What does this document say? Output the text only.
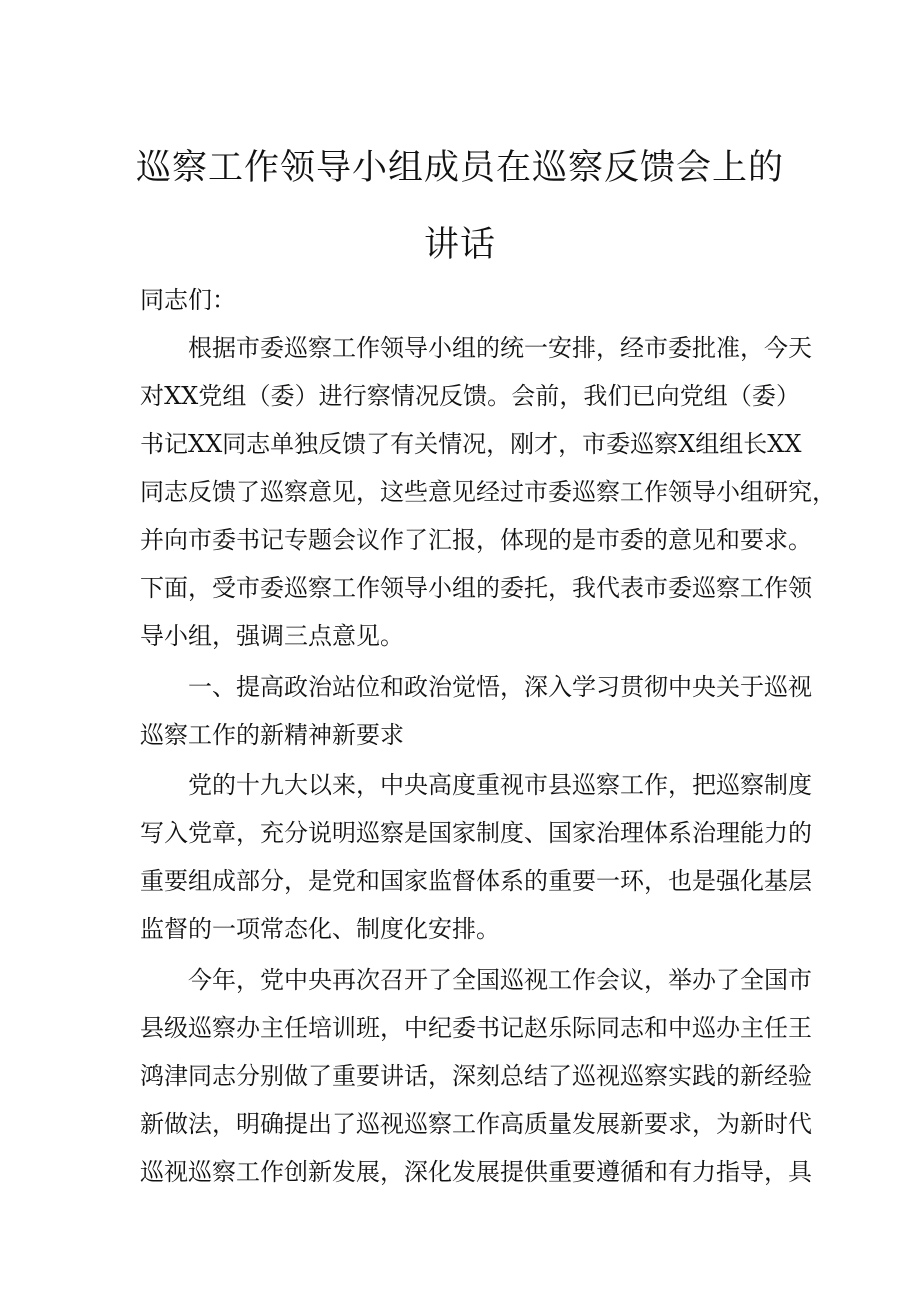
巡察工作领导小组成员在巡察反馈会上的
讲话
同志们：
根据市委巡察工作领导小组的统一安排，经市委批准，今天
对XX党组（委）进行察情况反馈。会前，我们已向党组（委）
书记XX同志单独反馈了有关情况，刚才，市委巡察X组组长XX
同志反馈了巡察意见，这些意见经过市委巡察工作领导小组研究，
并向市委书记专题会议作了汇报，体现的是市委的意见和要求。
下面，受市委巡察工作领导小组的委托，我代表市委巡察工作领
导小组，强调三点意见。
一、提高政治站位和政治觉悟，深入学习贯彻中央关于巡视
巡察工作的新精神新要求
党的十九大以来，中央高度重视市县巡察工作，把巡察制度
写入党章，充分说明巡察是国家制度、国家治理体系治理能力的
重要组成部分，是党和国家监督体系的重要一环，也是强化基层
监督的一项常态化、制度化安排。
今年，党中央再次召开了全国巡视工作会议，举办了全国市
县级巡察办主任培训班，中纪委书记赵乐际同志和中巡办主任王
鸿津同志分别做了重要讲话，深刻总结了巡视巡察实践的新经验
新做法，明确提出了巡视巡察工作高质量发展新要求，为新时代
巡视巡察工作创新发展，深化发展提供重要遵循和有力指导，具
